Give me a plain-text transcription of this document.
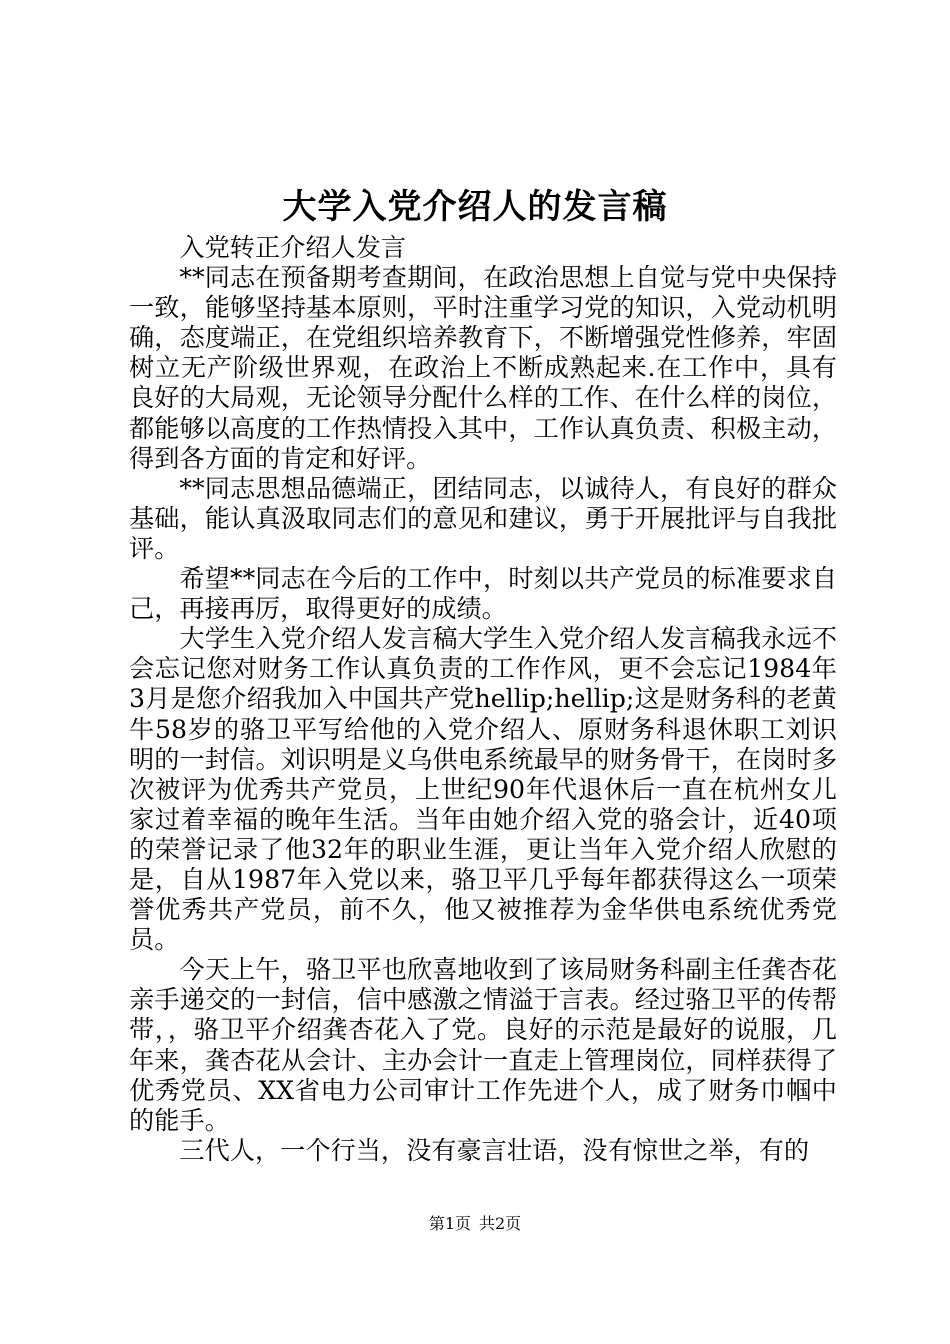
大学入党介绍人的发言稿

入党转正介绍人发言

**同志在预备期考查期间，在政治思想上自觉与党中央保持一致，能够坚持基本原则，平时注重学习党的知识，入党动机明确，态度端正，在党组织培养教育下，不断增强党性修养，牢固树立无产阶级世界观，在政治上不断成熟起来.在工作中，具有良好的大局观，无论领导分配什么样的工作、在什么样的岗位，都能够以高度的工作热情投入其中，工作认真负责、积极主动，得到各方面的肯定和好评。

**同志思想品德端正，团结同志，以诚待人，有良好的群众基础，能认真汲取同志们的意见和建议，勇于开展批评与自我批评。

希望**同志在今后的工作中，时刻以共产党员的标准要求自己，再接再厉，取得更好的成绩。

大学生入党介绍人发言稿大学生入党介绍人发言稿我永远不会忘记您对财务工作认真负责的工作作风，更不会忘记1984年3月是您介绍我加入中国共产党hellip;hellip;这是财务科的老黄牛58岁的骆卫平写给他的入党介绍人、原财务科退休职工刘识明的一封信。刘识明是义乌供电系统最早的财务骨干，在岗时多次被评为优秀共产党员，上世纪90年代退休后一直在杭州女儿家过着幸福的晚年生活。当年由她介绍入党的骆会计，近40项的荣誉记录了他32年的职业生涯，更让当年入党介绍人欣慰的是，自从1987年入党以来，骆卫平几乎每年都获得这么一项荣誉优秀共产党员，前不久，他又被推荐为金华供电系统优秀党员。

今天上午，骆卫平也欣喜地收到了该局财务科副主任龚杏花亲手递交的一封信，信中感激之情溢于言表。经过骆卫平的传帮带，，骆卫平介绍龚杏花入了党。良好的示范是最好的说服，几年来，龚杏花从会计、主办会计一直走上管理岗位，同样获得了优秀党员、XX省电力公司审计工作先进个人，成了财务巾帼中的能手。

三代人，一个行当，没有豪言壮语，没有惊世之举，有的

第1页 共2页
